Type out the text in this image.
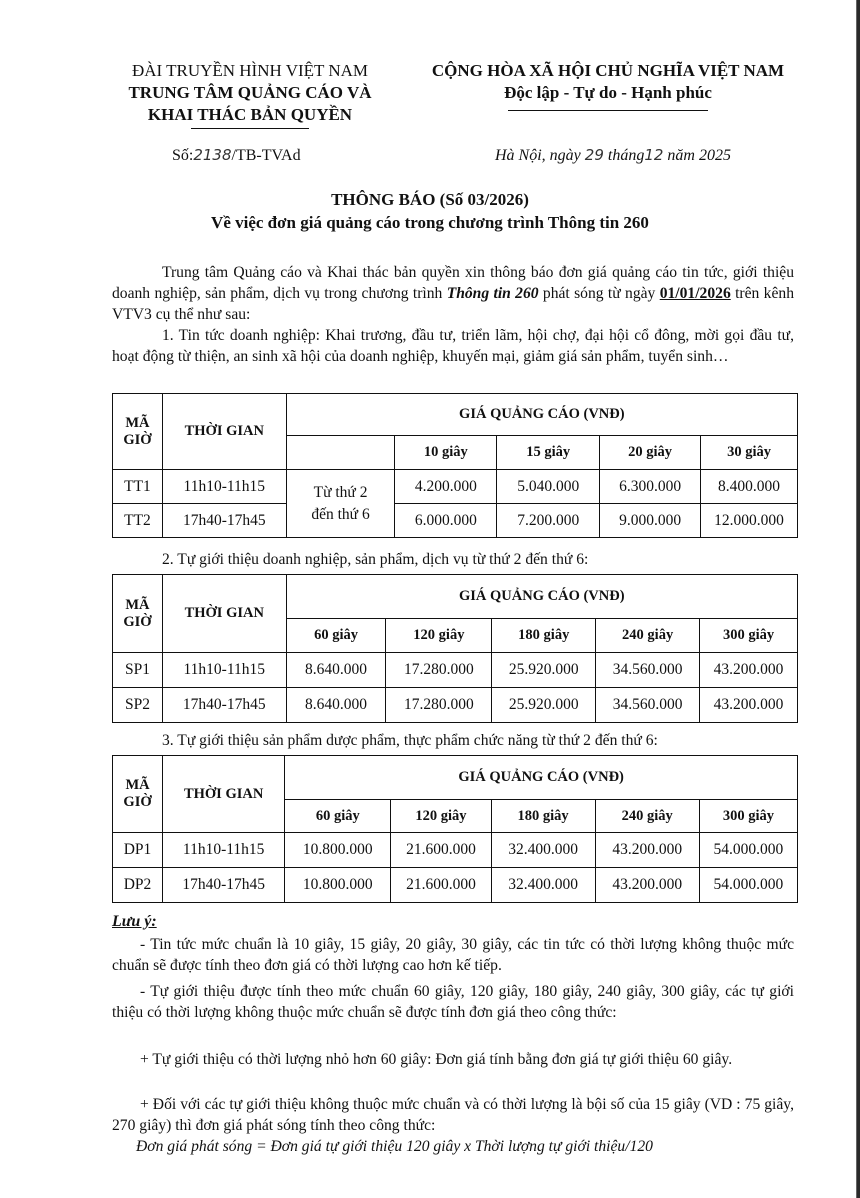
ĐÀI TRUYỀN HÌNH VIỆT NAM
TRUNG TÂM QUẢNG CÁO VÀ
KHAI THÁC BẢN QUYỀN
CỘNG HÒA XÃ HỘI CHỦ NGHĨA VIỆT NAM
Độc lập - Tự do - Hạnh phúc
Số:2138/TB-TVAd	Hà Nội, ngày 29 tháng12 năm 2025
THÔNG BÁO (Số 03/2026)
Về việc đơn giá quảng cáo trong chương trình Thông tin 260
Trung tâm Quảng cáo và Khai thác bản quyền xin thông báo đơn giá quảng cáo tin tức, giới thiệu doanh nghiệp, sản phẩm, dịch vụ trong chương trình Thông tin 260 phát sóng từ ngày 01/01/2026 trên kênh VTV3 cụ thể như sau:
1. Tin tức doanh nghiệp: Khai trương, đầu tư, triển lãm, hội chợ, đại hội cổ đông, mời gọi đầu tư, hoạt động từ thiện, an sinh xã hội của doanh nghiệp, khuyến mại, giảm giá sản phẩm, tuyển sinh…
MÃ GIỜ	THỜI GIAN	GIÁ QUẢNG CÁO (VNĐ)				
			10 giây	15 giây	20 giây	30 giây
TT1	11h10-11h15	Từ thứ 2 đến thứ 6	4.200.000	5.040.000	6.300.000	8.400.000
TT2	17h40-17h45		6.000.000	7.200.000	9.000.000	12.000.000
2. Tự giới thiệu doanh nghiệp, sản phẩm, dịch vụ từ thứ 2 đến thứ 6:
MÃ GIỜ	THỜI GIAN	GIÁ QUẢNG CÁO (VNĐ)				
		60 giây	120 giây	180 giây	240 giây	300 giây
SP1	11h10-11h15	8.640.000	17.280.000	25.920.000	34.560.000	43.200.000
SP2	17h40-17h45	8.640.000	17.280.000	25.920.000	34.560.000	43.200.000
3. Tự giới thiệu sản phẩm dược phẩm, thực phẩm chức năng từ thứ 2 đến thứ 6:
MÃ GIỜ	THỜI GIAN	GIÁ QUẢNG CÁO (VNĐ)				
		60 giây	120 giây	180 giây	240 giây	300 giây
DP1	11h10-11h15	10.800.000	21.600.000	32.400.000	43.200.000	54.000.000
DP2	17h40-17h45	10.800.000	21.600.000	32.400.000	43.200.000	54.000.000
Lưu ý:
- Tin tức mức chuẩn là 10 giây, 15 giây, 20 giây, 30 giây, các tin tức có thời lượng không thuộc mức chuẩn sẽ được tính theo đơn giá có thời lượng cao hơn kế tiếp.
- Tự giới thiệu được tính theo mức chuẩn 60 giây, 120 giây, 180 giây, 240 giây, 300 giây, các tự giới thiệu có thời lượng không thuộc mức chuẩn sẽ được tính đơn giá theo công thức:
+ Tự giới thiệu có thời lượng nhỏ hơn 60 giây: Đơn giá tính bằng đơn giá tự giới thiệu 60 giây.
+ Đối với các tự giới thiệu không thuộc mức chuẩn và có thời lượng là bội số của 15 giây (VD : 75 giây, 270 giây) thì đơn giá phát sóng tính theo công thức:
Đơn giá phát sóng = Đơn giá tự giới thiệu 120 giây x Thời lượng tự giới thiệu/120
